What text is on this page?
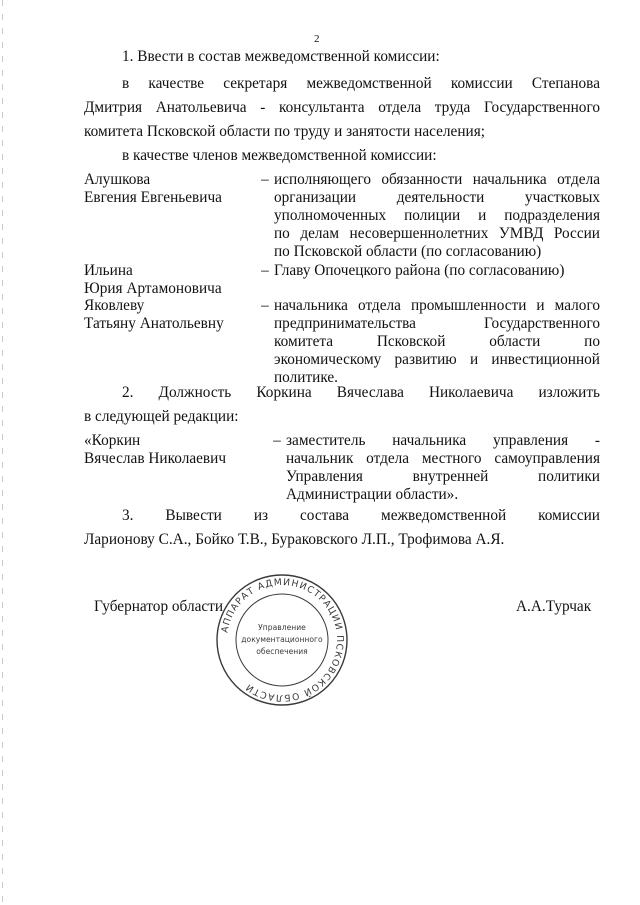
2
1. Ввести в состав межведомственной комиссии:
в качестве секретаря межведомственной комиссии Степанова
Дмитрия Анатольевича - консультанта отдела труда Государственного
комитета Псковской области по труду и занятости населения;
в качестве членов межведомственной комиссии:
Алушкова
Евгения Евгеньевича
– исполняющего обязанности начальника отдела
организации деятельности участковых
уполномоченных полиции и подразделения
по делам несовершеннолетних УМВД России
по Псковской области (по согласованию)
Ильина
Юрия Артамоновича
– Главу Опочецкого района (по согласованию)
Яковлеву
Татьяну Анатольевну
– начальника отдела промышленности и малого
предпринимательства Государственного
комитета Псковской области по
экономическому развитию и инвестиционной
политике.
2. Должность Коркина Вячеслава Николаевича изложить
в следующей редакции:
«Коркин
Вячеслав Николаевич
– заместитель начальника управления -
начальник отдела местного самоуправления
Управления внутренней политики
Администрации области».
3. Вывести из состава межведомственной комиссии
Ларионову С.А., Бойко Т.В., Бураковского Л.П., Трофимова А.Я.
Губернатор области	А.А.Турчак
АППАРАТ АДМИНИСТРАЦИИ ПСКОВСКОЙ ОБЛАСТИ
Управление
документационного
обеспечения
